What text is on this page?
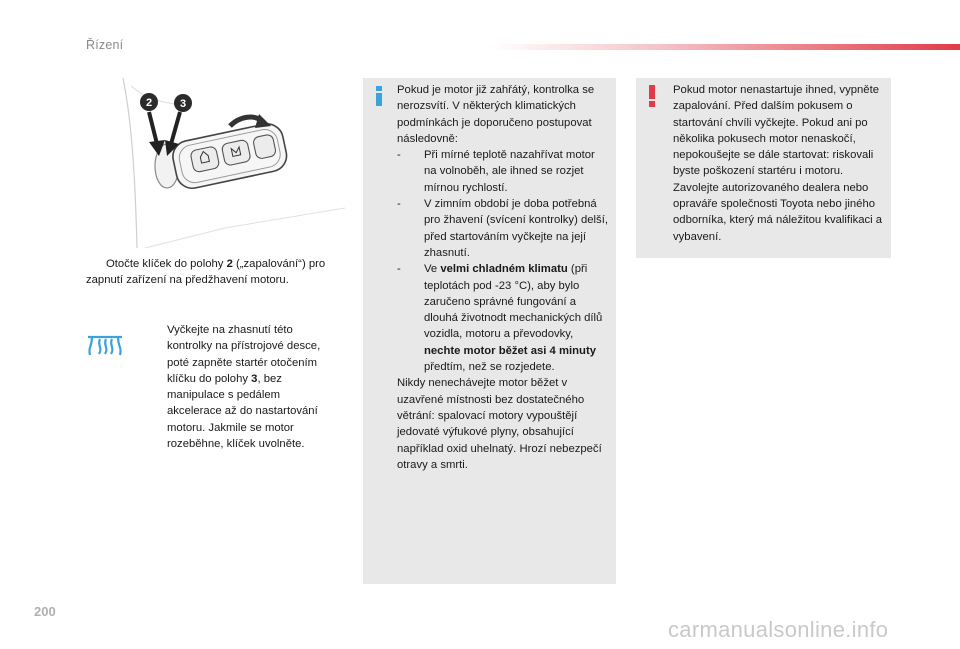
Řízení
2	3

Otočte klíček do polohy 2 („zapalování“) pro zapnutí zařízení na předžhavení motoru.

Vyčkejte na zhasnutí této kontrolky na přístrojové desce, poté zapněte startér otočením klíčku do polohy 3, bez manipulace s pedálem akcelerace až do nastartování motoru. Jakmile se motor rozeběhne, klíček uvolněte.

Pokud je motor již zahřátý, kontrolka se nerozsvítí. V některých klimatických podmínkách je doporučeno postupovat následovně:

-	Při mírné teplotě nazahřívat motor na volnoběh, ale ihned se rozjet mírnou rychlostí.
-	V zimním období je doba potřebná pro žhavení (svícení kontrolky) delší, před startováním vyčkejte na její zhasnutí.
-	Ve velmi chladném klimatu (při teplotách pod -23 °C), aby bylo zaručeno správné fungování a dlouhá životnodt mechanických dílů vozidla, motoru a převodovky, nechte motor běžet asi 4 minuty předtím, než se rozjedete.

Nikdy nenechávejte motor běžet v uzavřené místnosti bez dostatečného větrání: spalovací motory vypouštějí jedovaté výfukové plyny, obsahující například oxid uhelnatý. Hrozí nebezpečí otravy a smrti.

Pokud motor nenastartuje ihned, vypněte zapalování. Před dalším pokusem o startování chvíli vyčkejte. Pokud ani po několika pokusech motor nenaskočí, nepokoušejte se dále startovat: riskovali byste poškození startéru i motoru. Zavolejte autorizovaného dealera nebo opraváře společnosti Toyota nebo jiného odborníka, který má náležitou kvalifikaci a vybavení.

200
carmanualsonline.info
